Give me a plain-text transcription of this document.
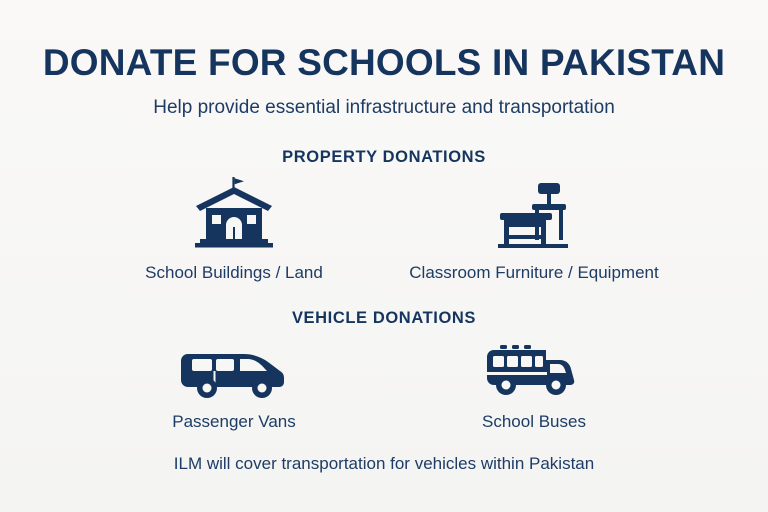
DONATE FOR SCHOOLS IN PAKISTAN
Help provide essential infrastructure and transportation
PROPERTY DONATIONS
School Buildings / Land	Classroom Furniture / Equipment
VEHICLE DONATIONS
Passenger Vans	School Buses
ILM will cover transportation for vehicles within Pakistan
